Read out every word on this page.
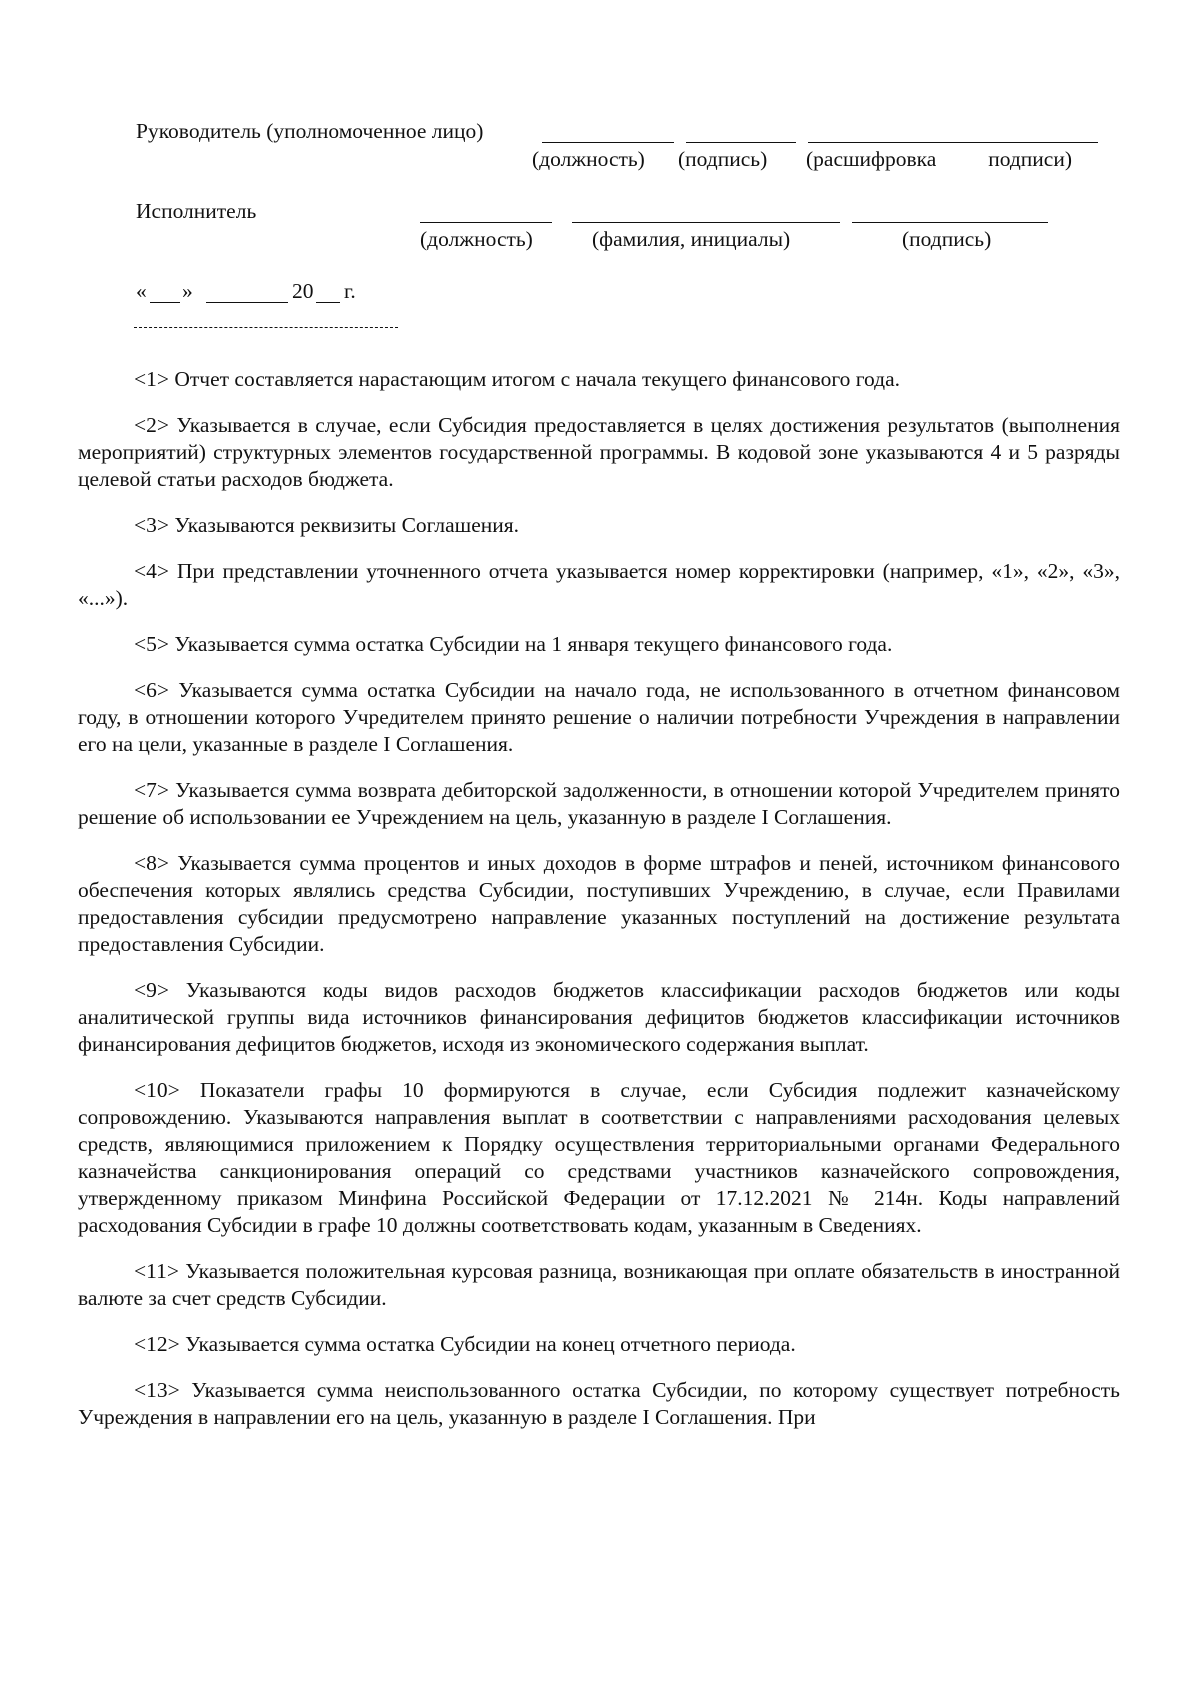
Руководитель (уполномоченное лицо)
(должность) (подпись) (расшифровка подписи)
Исполнитель
(должность)	(фамилия, инициалы)	(подпись)
« »	20 г.

<1> Отчет составляется нарастающим итогом с начала текущего финансового года.

<2> Указывается в случае, если Субсидия предоставляется в целях достижения результатов (выполнения мероприятий) структурных элементов государственной программы. В кодовой зоне указываются 4 и 5 разряды целевой статьи расходов бюджета.

<3> Указываются реквизиты Соглашения.

<4> При представлении уточненного отчета указывается номер корректировки (например, «1», «2», «3», «...»).

<5> Указывается сумма остатка Субсидии на 1 января текущего финансового года.

<6> Указывается сумма остатка Субсидии на начало года, не использованного в отчетном финансовом году, в отношении которого Учредителем принято решение о наличии потребности Учреждения в направлении его на цели, указанные в разделе I Соглашения.

<7> Указывается сумма возврата дебиторской задолженности, в отношении которой Учредителем принято решение об использовании ее Учреждением на цель, указанную в разделе I Соглашения.

<8> Указывается сумма процентов и иных доходов в форме штрафов и пеней, источником финансового обеспечения которых являлись средства Субсидии, поступивших Учреждению, в случае, если Правилами предоставления субсидии предусмотрено направление указанных поступлений на достижение результата предоставления Субсидии.

<9> Указываются коды видов расходов бюджетов классификации расходов бюджетов или коды аналитической группы вида источников финансирования дефицитов бюджетов классификации источников финансирования дефицитов бюджетов, исходя из экономического содержания выплат.

<10> Показатели графы 10 формируются в случае, если Субсидия подлежит казначейскому сопровождению. Указываются направления выплат в соответствии с направлениями расходования целевых средств, являющимися приложением к Порядку осуществления территориальными органами Федерального казначейства санкционирования операций со средствами участников казначейского сопровождения, утвержденному приказом Минфина Российской Федерации от 17.12.2021 № 214н. Коды направлений расходования Субсидии в графе 10 должны соответствовать кодам, указанным в Сведениях.

<11> Указывается положительная курсовая разница, возникающая при оплате обязательств в иностранной валюте за счет средств Субсидии.

<12> Указывается сумма остатка Субсидии на конец отчетного периода.

<13> Указывается сумма неиспользованного остатка Субсидии, по которому существует потребность Учреждения в направлении его на цель, указанную в разделе I Соглашения. При
